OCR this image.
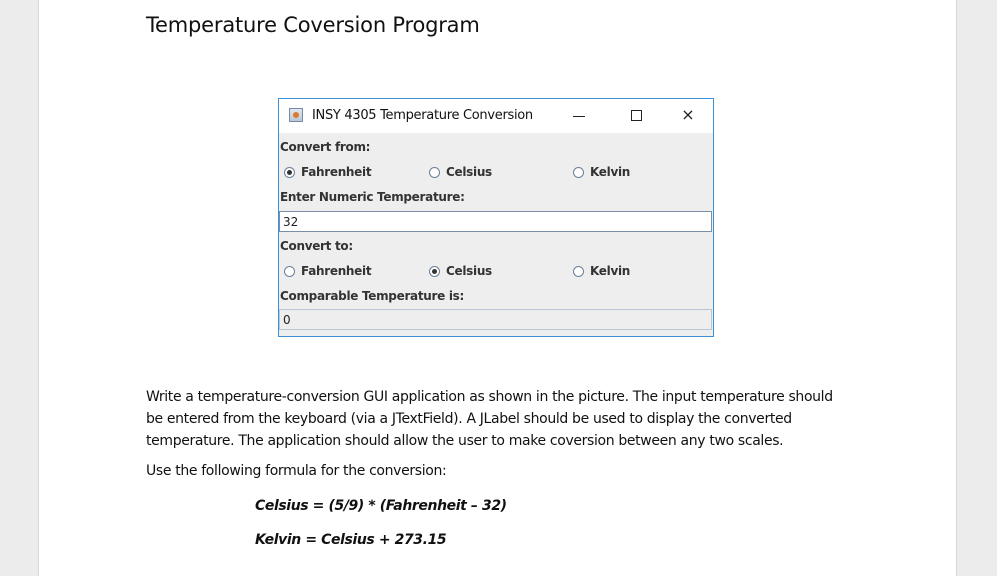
Temperature Coversion Program
INSY 4305 Temperature Conversion	×
Convert from:
Fahrenheit	Celsius	Kelvin
Enter Numeric Temperature:
32
Convert to:
Fahrenheit	Celsius	Kelvin
Comparable Temperature is:
0
Write a temperature-conversion GUI application as shown in the picture. The input temperature should be entered from the keyboard (via a JTextField). A JLabel should be used to display the converted temperature. The application should allow the user to make coversion between any two scales.
Use the following formula for the conversion:
Celsius = (5/9) * (Fahrenheit – 32)
Kelvin = Celsius + 273.15
